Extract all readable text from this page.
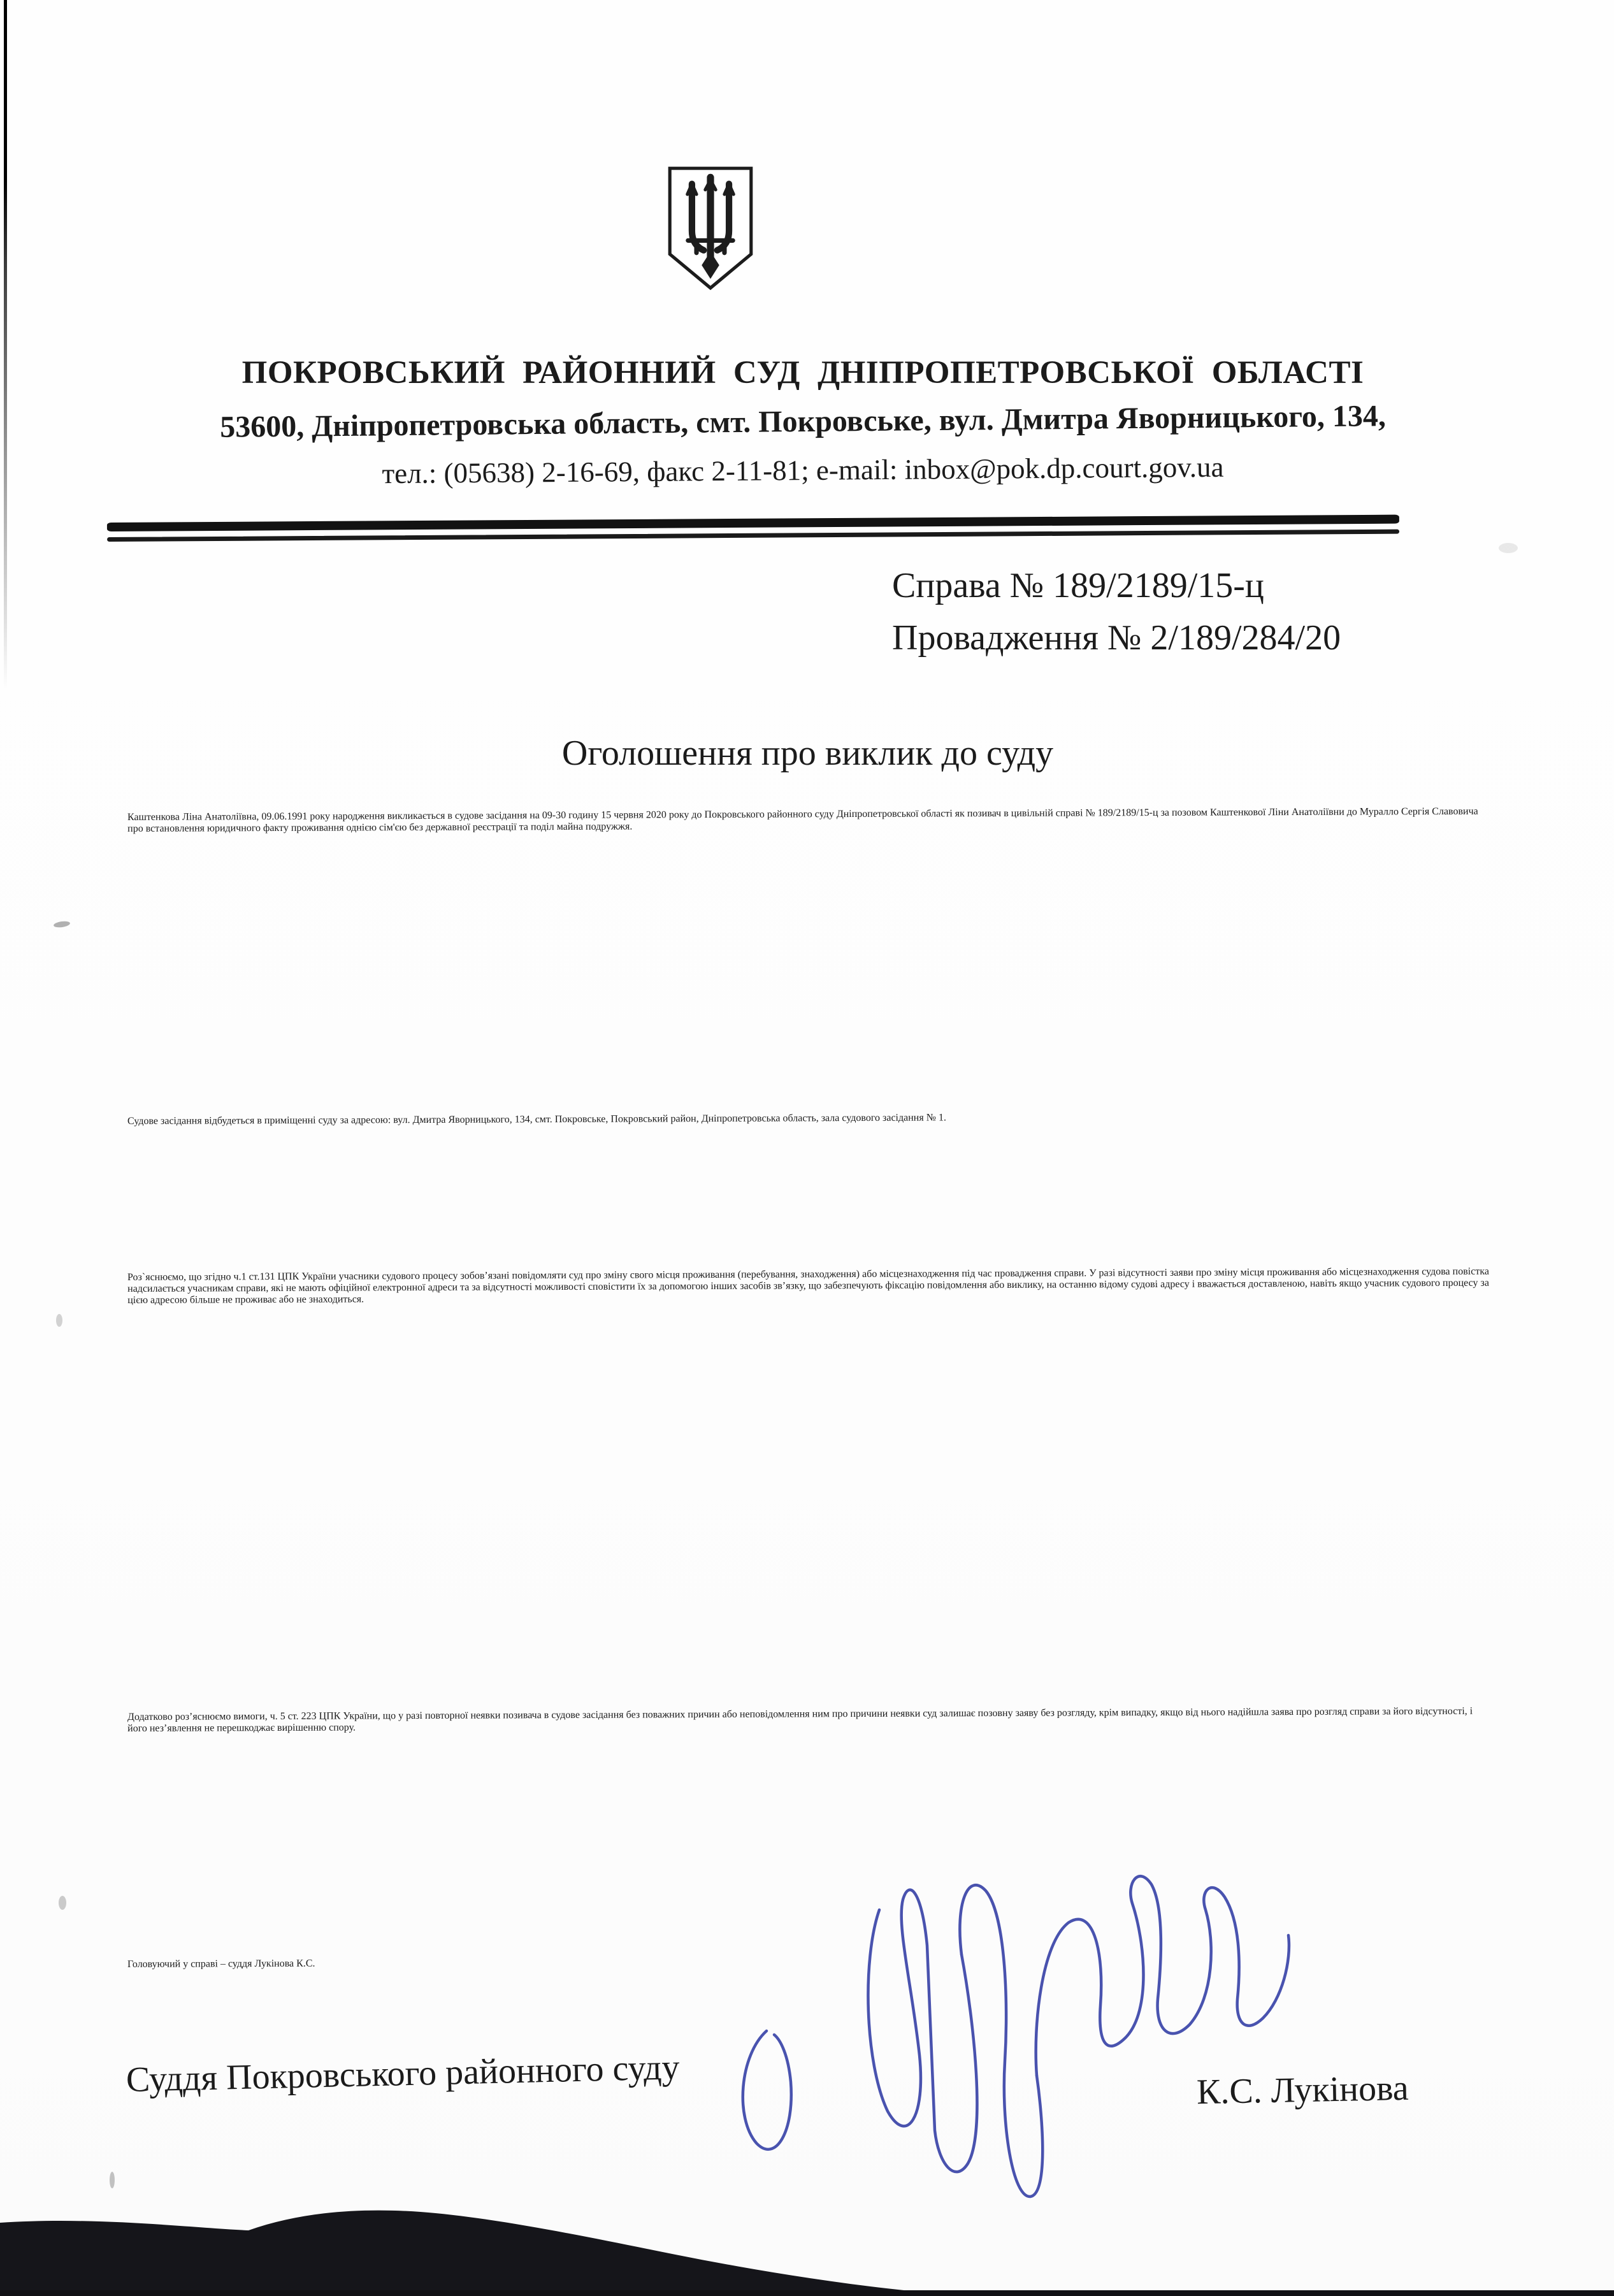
ПОКРОВСЬКИЙ РАЙОННИЙ СУД ДНІПРОПЕТРОВСЬКОЇ ОБЛАСТІ
53600, Дніпропетровська область, смт. Покровське, вул. Дмитра Яворницького, 134,
тел.: (05638) 2-16-69, факс 2-11-81; e-mail: inbox@pok.dp.court.gov.ua
Справа № 189/2189/15-ц
Провадження № 2/189/284/20
Оголошення про виклик до суду

Каштенкова Ліна Анатоліївна, 09.06.1991 року народження викликається в судове засідання на 09-30 годину 15 червня 2020 року до Покровського районного суду Дніпропетровської області як позивач в цивільній справі № 189/2189/15-ц за позовом Каштенкової Ліни Анатоліївни до Муралло Сергія Славовича про встановлення юридичного факту проживання однією сім'єю без державної реєстрації та поділ майна подружжя.

Судове засідання відбудеться в приміщенні суду за адресою: вул. Дмитра Яворницького, 134, смт. Покровське, Покровський район, Дніпропетровська область, зала судового засідання № 1.

Роз`яснюємо, що згідно ч.1 ст.131 ЦПК України учасники судового процесу зобов’язані повідомляти суд про зміну свого місця проживання (перебування, знаходження) або місцезнаходження під час провадження справи. У разі відсутності заяви про зміну місця проживання або місцезнаходження судова повістка надсилається учасникам справи, які не мають офіційної електронної адреси та за відсутності можливості сповістити їх за допомогою інших засобів зв’язку, що забезпечують фіксацію повідомлення або виклику, на останню відому судові адресу і вважається доставленою, навіть якщо учасник судового процесу за цією адресою більше не проживає або не знаходиться.

Додатково роз’яснюємо вимоги, ч. 5 ст. 223 ЦПК України, що у разі повторної неявки позивача в судове засідання без поважних причин або неповідомлення ним про причини неявки суд залишає позовну заяву без розгляду, крім випадку, якщо від нього надійшла заява про розгляд справи за його відсутності, і його нез’явлення не перешкоджає вирішенню спору.

Головуючий у справі – суддя Лукінова К.С.

Суддя Покровського районного суду	К.С. Лукінова
